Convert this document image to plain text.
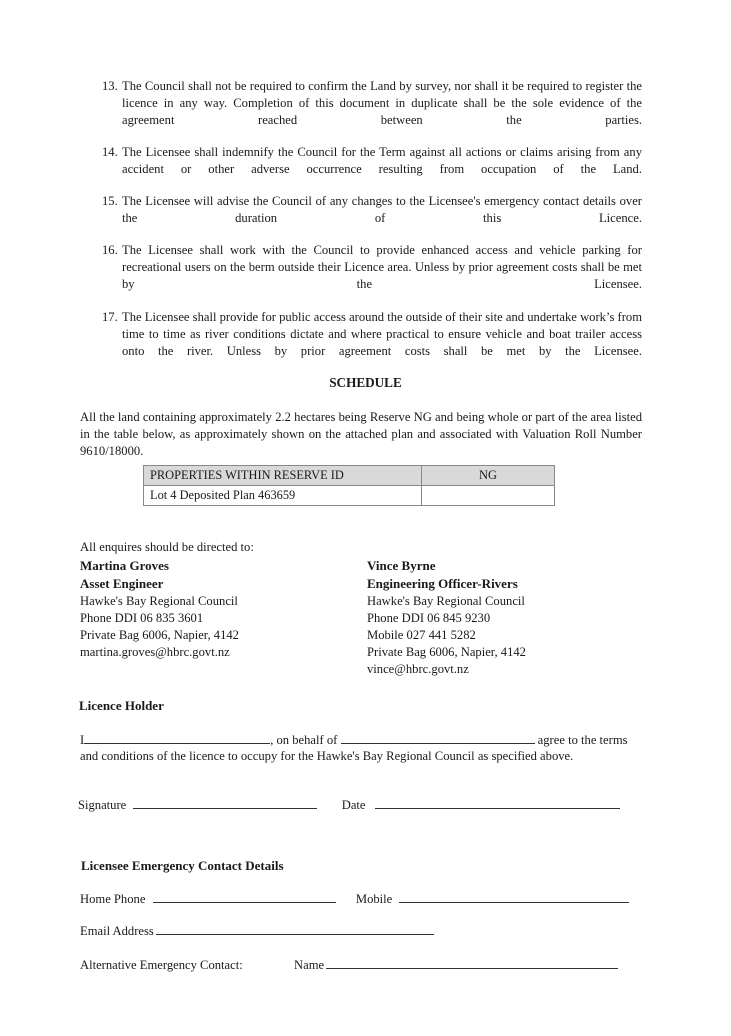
13. The Council shall not be required to confirm the Land by survey, nor shall it be required to register the licence in any way. Completion of this document in duplicate shall be the sole evidence of the agreement reached between the parties.
14. The Licensee shall indemnify the Council for the Term against all actions or claims arising from any accident or other adverse occurrence resulting from occupation of the Land.
15. The Licensee will advise the Council of any changes to the Licensee's emergency contact details over the duration of this Licence.
16. The Licensee shall work with the Council to provide enhanced access and vehicle parking for recreational users on the berm outside their Licence area. Unless by prior agreement costs shall be met by the Licensee.
17. The Licensee shall provide for public access around the outside of their site and undertake work’s from time to time as river conditions dictate and where practical to ensure vehicle and boat trailer access onto the river. Unless by prior agreement costs shall be met by the Licensee.
SCHEDULE
All the land containing approximately 2.2 hectares being Reserve NG and being whole or part of the area listed in the table below, as approximately shown on the attached plan and associated with Valuation Roll Number 9610/18000.
PROPERTIES WITHIN RESERVE ID	NG
Lot 4 Deposited Plan 463659	
All enquires should be directed to:
Martina Groves
Asset Engineer
Hawke's Bay Regional Council
Phone DDI 06 835 3601
Private Bag 6006, Napier, 4142
martina.groves@hbrc.govt.nz
Vince Byrne
Engineering Officer-Rivers
Hawke's Bay Regional Council
Phone DDI 06 845 9230
Mobile 027 441 5282
Private Bag 6006, Napier, 4142
vince@hbrc.govt.nz
Licence Holder
I	, on behalf of	agree to the terms
and conditions of the licence to occupy for the Hawke's Bay Regional Council as specified above.
Signature	Date
Licensee Emergency Contact Details
Home Phone	Mobile
Email Address
Alternative Emergency Contact:	Name
